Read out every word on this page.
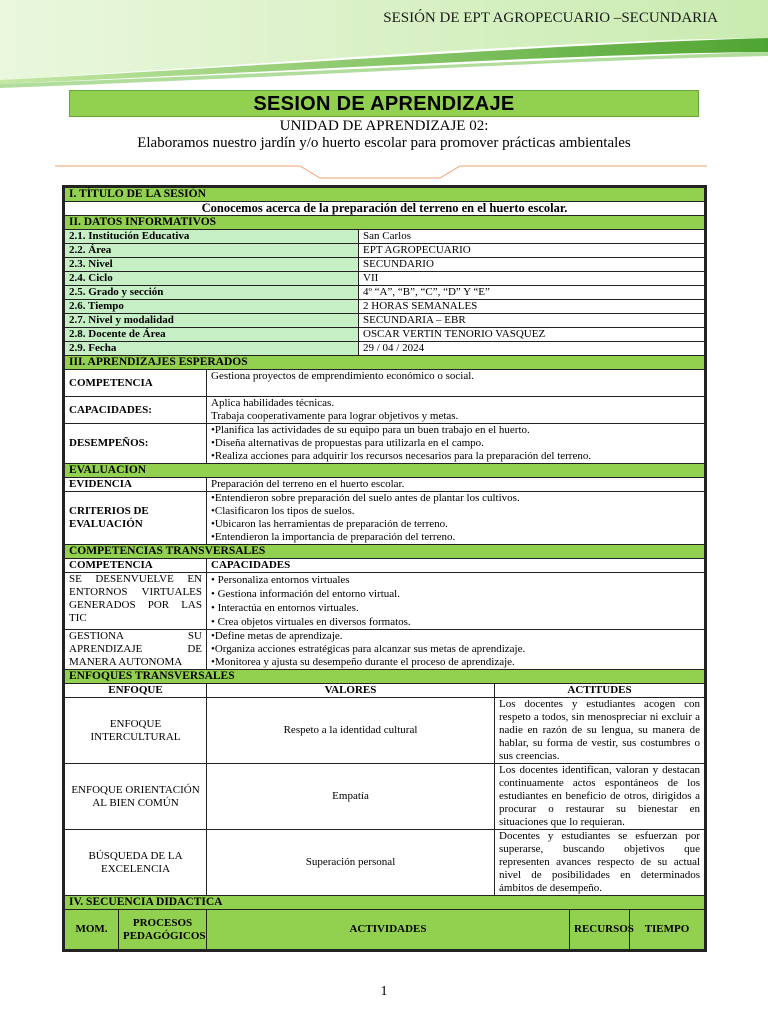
SESIÓN DE EPT AGROPECUARIO –SECUNDARIA
SESION DE APRENDIZAJE
UNIDAD DE APRENDIZAJE 02:
Elaboramos nuestro jardín y/o huerto escolar para promover prácticas ambientales
I. TÍTULO DE LA SESIÓN						
Conocemos acerca de la preparación del terreno en el huerto escolar.						
II. DATOS INFORMATIVOS						
2.1. Institución Educativa			San Carlos			
2.2. Área			EPT AGROPECUARIO			
2.3. Nivel			SECUNDARIO			
2.4. Ciclo			VII			
2.5. Grado y sección			4º “A”, “B”, “C”, “D” Y “E”			
2.6. Tiempo			2 HORAS SEMANALES			
2.7. Nivel y modalidad			SECUNDARIA – EBR			
2.8. Docente de Área			OSCAR VERTIN TENORIO VASQUEZ			
2.9. Fecha			29 / 04 / 2024			
III. APRENDIZAJES ESPERADOS						
COMPETENCIA		Gestiona proyectos de emprendimiento económico o social.				
CAPACIDADES:		Aplica habilidades técnicas.
Trabaja cooperativamente para lograr objetivos y metas.				

DESEMPEÑOS:		•Planifica las actividades de su equipo para un buen trabajo en el huerto.
•Diseña alternativas de propuestas para utilizarla en el campo.
•Realiza acciones para adquirir los recursos necesarios para la preparación del terreno.				

EVALUACION						
EVIDENCIA		Preparación del terreno en el huerto escolar.				
CRITERIOS DE EVALUACIÓN		•Entendieron sobre preparación del suelo antes de plantar los cultivos.
•Clasificaron los tipos de suelos.
•Ubicaron las herramientas de preparación de terreno.
•Entendieron la importancia de preparación del terreno.				

COMPETENCIAS TRANSVERSALES						
COMPETENCIA		CAPACIDADES				
SE DESENVUELVE EN ENTORNOS VIRTUALES GENERADOS POR LAS TIC		• Personaliza entornos virtuales
• Gestiona información del entorno virtual.
• Interactúa en entornos virtuales.
• Crea objetos virtuales en diversos formatos.				

GESTIONA SU APRENDIZAJE DE MANERA AUTONOMA		•Define metas de aprendizaje.
•Organiza acciones estratégicas para alcanzar sus metas de aprendizaje.
•Monitorea y ajusta su desempeño durante el proceso de aprendizaje.				

ENFOQUES TRANSVERSALES						
ENFOQUE		VALORES		ACTITUDES		
ENFOQUE INTERCULTURAL		Respeto a la identidad cultural		Los docentes y estudiantes acogen con respeto a todos, sin menospreciar ni excluir a nadie en razón de su lengua, su manera de hablar, su forma de vestir, sus costumbres o sus creencias.		
ENFOQUE ORIENTACIÓN AL BIEN COMÚN		Empatía		Los docentes identifican, valoran y destacan continuamente actos espontáneos de los estudiantes en beneficio de otros, dirigidos a procurar o restaurar su bienestar en situaciones que lo requieran.		
BÚSQUEDA DE LA EXCELENCIA		Superación personal		Docentes y estudiantes se esfuerzan por superarse, buscando objetivos que representen avances respecto de su actual nivel de posibilidades en determinados ámbitos de desempeño.		
IV. SECUENCIA DIDACTICA						
MOM.	PROCESOS PEDAGÓGICOS	ACTIVIDADES			RECURSOS	TIEMPO
1
